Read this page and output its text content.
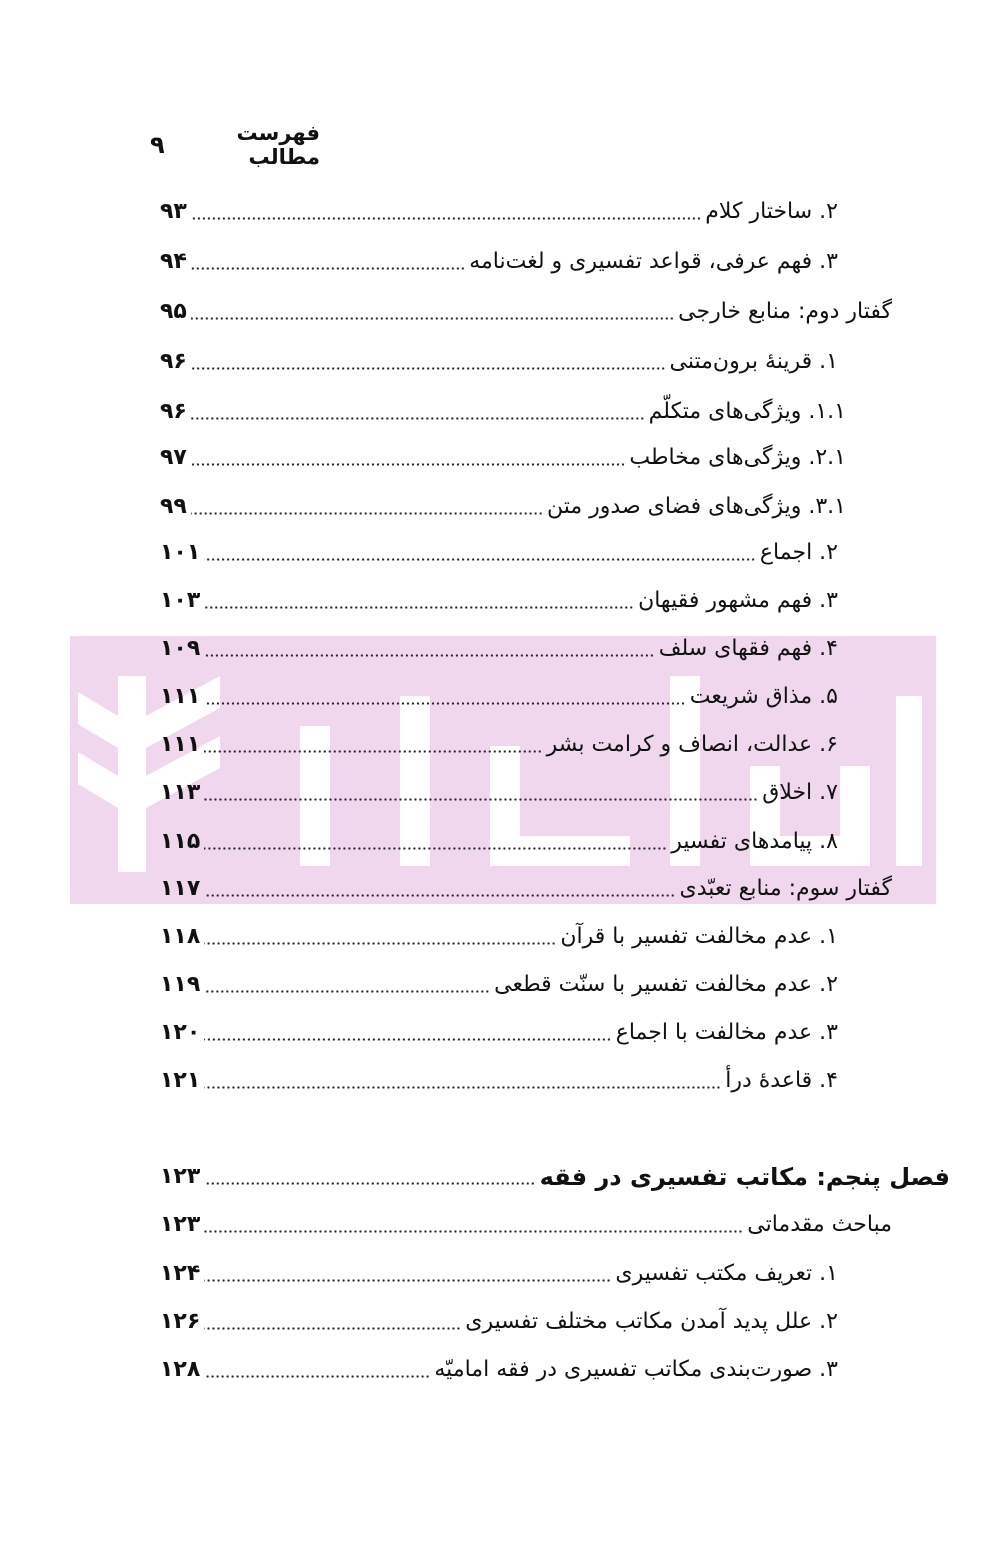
فهرست مطالب
۹
۲. ساختار کلام
۹۳
۳. فهم عرفی، قواعد تفسیری و لغت‌نامه
۹۴
گفتار دوم: منابع خارجی
۹۵
۱. قرینهٔ برون‌متنی
۹۶
۱.۱. ویژگی‌های متکلّم
۹۶
۲.۱. ویژگی‌های مخاطب
۹۷
۳.۱. ویژگی‌های فضای صدور متن
۹۹
۲. اجماع
۱۰۱
۳. فهم مشهور فقیهان
۱۰۳
۴. فهم فقهای سلف
۱۰۹
۵. مذاق شریعت
۱۱۱
۶. عدالت، انصاف و کرامت بشر
۱۱۱
۷. اخلاق
۱۱۳
۸. پیامدهای تفسیر
۱۱۵
گفتار سوم: منابع تعبّدی
۱۱۷
۱. عدم مخالفت تفسیر با قرآن
۱۱۸
۲. عدم مخالفت تفسیر با سنّت قطعی
۱۱۹
۳. عدم مخالفت با اجماع
۱۲۰
۴. قاعدهٔ درأ
۱۲۱
فصل پنجم: مکاتب تفسیری در فقه
۱۲۳
مباحث مقدماتی
۱۲۳
۱. تعریف مکتب تفسیری
۱۲۴
۲. علل پدید آمدن مکاتب مختلف تفسیری
۱۲۶
۳. صورت‌بندی مکاتب تفسیری در فقه امامیّه
۱۲۸
